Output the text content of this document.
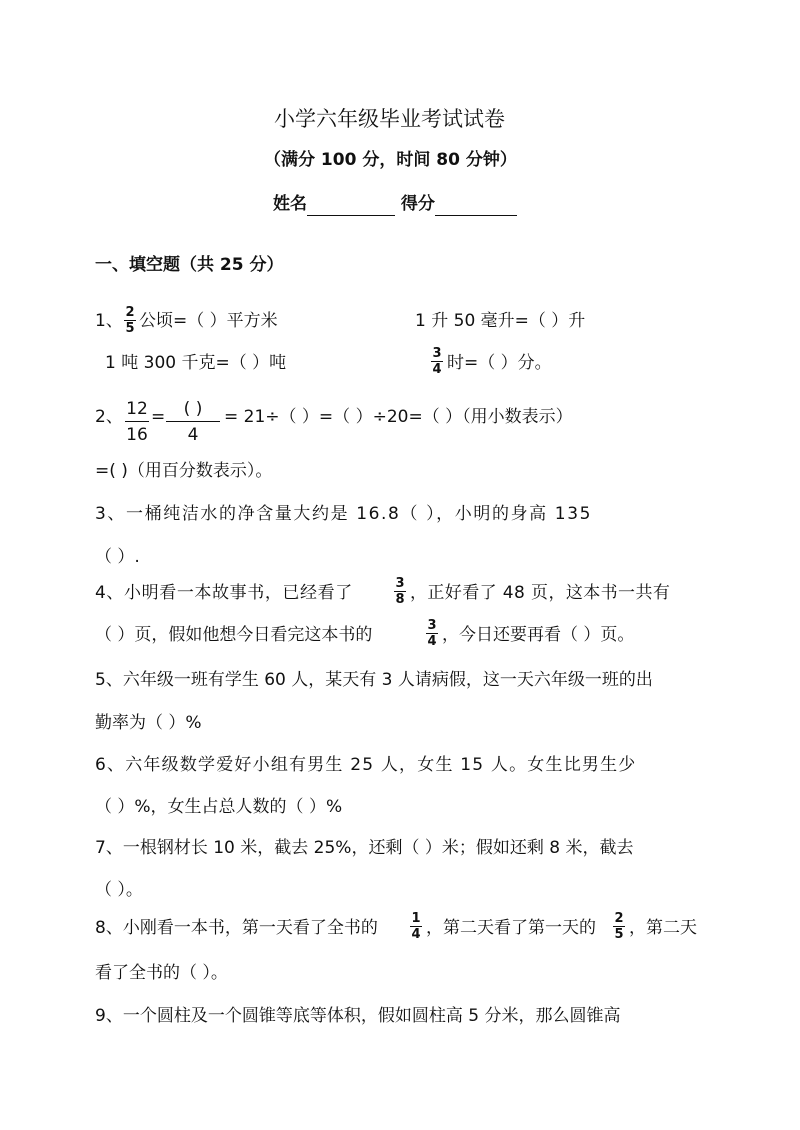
小学六年级毕业考试试卷
（满分 100 分，时间 80 分钟）
姓名	得分
一、填空题（共 25 分）
1、 2
5 公顷=（ ）平方米	1 升 50 毫升=（ ）升
1 吨 300 千克=（ ）吨	3
4 时=（ ）分。
2、 12
16
=	( )
4
= 21÷（ ）=（ ）÷20=（ ）（用小数表示）
=( )（用百分数表示）。
3、一桶纯洁水的净含量大约是 16.8（ ），小明的身高 135
（ ）.
4、小明看一本故事书，已经看了	3
8 ，正好看了 48 页，这本书一共有
（ ）页，假如他想今日看完这本书的	3
4 ，今日还要再看（ ）页。
5、六年级一班有学生 60 人，某天有 3 人请病假，这一天六年级一班的出
勤率为（ ）%
6、六年级数学爱好小组有男生 25 人，女生 15 人。女生比男生少
（ ）%，女生占总人数的（ ）%
7、一根钢材长 10 米，截去 25%，还剩（ ）米；假如还剩 8 米，截去
（ ）。
8、小刚看一本书，第一天看了全书的	1
4 ，第二天看了第一天的 2
5 ，第二天
看了全书的（ ）。
9、一个圆柱及一个圆锥等底等体积，假如圆柱高 5 分米，那么圆锥高
